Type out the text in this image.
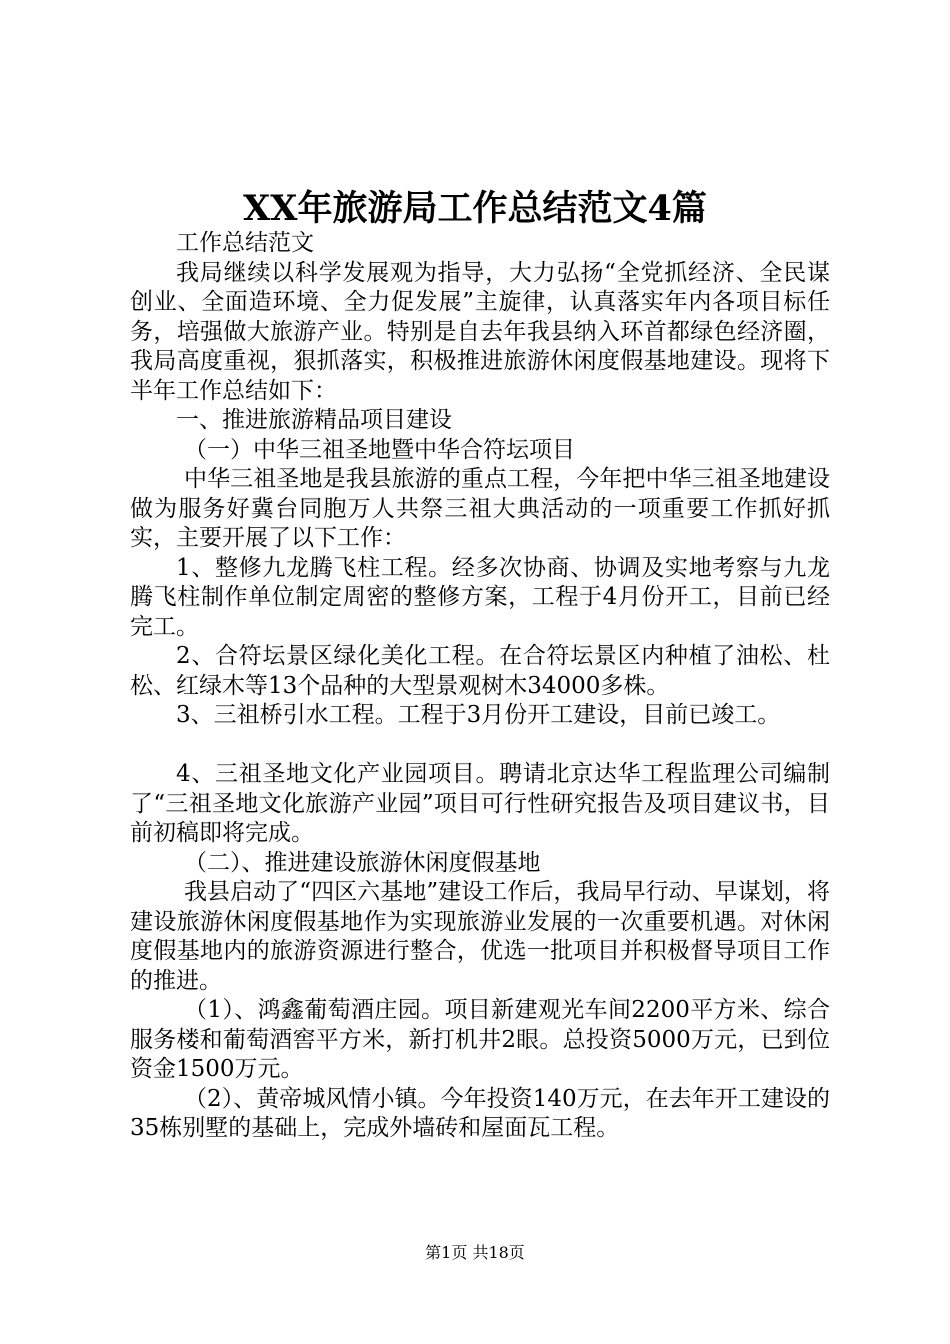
XX年旅游局工作总结范文4篇

工作总结范文

我局继续以科学发展观为指导，大力弘扬“全党抓经济、全民谋创业、全面造环境、全力促发展”主旋律，认真落实年内各项目标任务，培强做大旅游产业。特别是自去年我县纳入环首都绿色经济圈，我局高度重视，狠抓落实，积极推进旅游休闲度假基地建设。现将下半年工作总结如下：

一、推进旅游精品项目建设

（一）中华三祖圣地暨中华合符坛项目

中华三祖圣地是我县旅游的重点工程，今年把中华三祖圣地建设做为服务好冀台同胞万人共祭三祖大典活动的一项重要工作抓好抓实，主要开展了以下工作：

1、整修九龙腾飞柱工程。经多次协商、协调及实地考察与九龙腾飞柱制作单位制定周密的整修方案，工程于4月份开工，目前已经完工。

2、合符坛景区绿化美化工程。在合符坛景区内种植了油松、杜松、红绿木等13个品种的大型景观树木34000多株。

3、三祖桥引水工程。工程于3月份开工建设，目前已竣工。

4、三祖圣地文化产业园项目。聘请北京达华工程监理公司编制了“三祖圣地文化旅游产业园”项目可行性研究报告及项目建议书，目前初稿即将完成。

（二）、推进建设旅游休闲度假基地

我县启动了“四区六基地”建设工作后，我局早行动、早谋划，将建设旅游休闲度假基地作为实现旅游业发展的一次重要机遇。对休闲度假基地内的旅游资源进行整合，优选一批项目并积极督导项目工作的推进。

（1）、鸿鑫葡萄酒庄园。项目新建观光车间2200平方米、综合服务楼和葡萄酒窖平方米，新打机井2眼。总投资5000万元，已到位资金1500万元。

（2）、黄帝城风情小镇。今年投资140万元，在去年开工建设的35栋别墅的基础上，完成外墙砖和屋面瓦工程。

第1页 共18页
